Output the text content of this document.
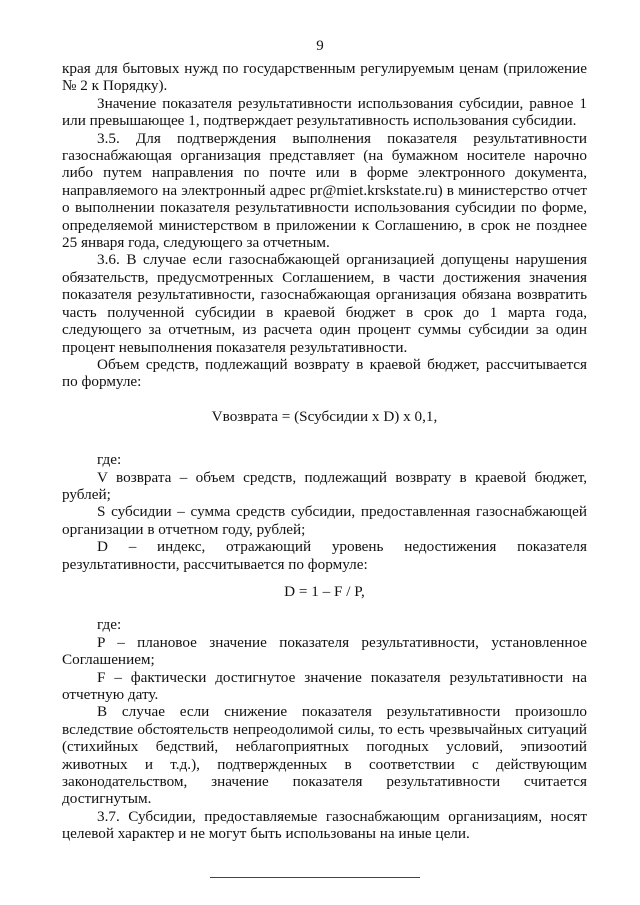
9

края для бытовых нужд по государственным регулируемым ценам (приложение № 2 к Порядку).

Значение показателя результативности использования субсидии, равное 1 или превышающее 1, подтверждает результативность использования субсидии.

3.5. Для подтверждения выполнения показателя результативности газоснабжающая организация представляет (на бумажном носителе нарочно либо путем направления по почте или в форме электронного документа, направляемого на электронный адрес pr@miet.krskstate.ru) в министерство отчет о выполнении показателя результативности использования субсидии по форме, определяемой министерством в приложении к Соглашению, в срок не позднее 25 января года, следующего за отчетным.

3.6. В случае если газоснабжающей организацией допущены нарушения обязательств, предусмотренных Соглашением, в части достижения значения показателя результативности, газоснабжающая организация обязана возвратить часть полученной субсидии в краевой бюджет в срок до 1 марта года, следующего за отчетным, из расчета один процент суммы субсидии за один процент невыполнения показателя результативности.

Объем средств, подлежащий возврату в краевой бюджет, рассчитывается по формуле:

Vвозврата = (Sсубсидии x D) x 0,1,

где:

V возврата – объем средств, подлежащий возврату в краевой бюджет, рублей;

S субсидии – сумма средств субсидии, предоставленная газоснабжающей организации в отчетном году, рублей;

D – индекс, отражающий уровень недостижения показателя результативности, рассчитывается по формуле:

D = 1 – F / P,

где:

P – плановое значение показателя результативности, установленное Соглашением;

F – фактически достигнутое значение показателя результативности на отчетную дату.

В случае если снижение показателя результативности произошло вследствие обстоятельств непреодолимой силы, то есть чрезвычайных ситуаций (стихийных бедствий, неблагоприятных погодных условий, эпизоотий животных и т.д.), подтвержденных в соответствии с действующим законодательством, значение показателя результативности считается достигнутым.

3.7. Субсидии, предоставляемые газоснабжающим организациям, носят целевой характер и не могут быть использованы на иные цели.
